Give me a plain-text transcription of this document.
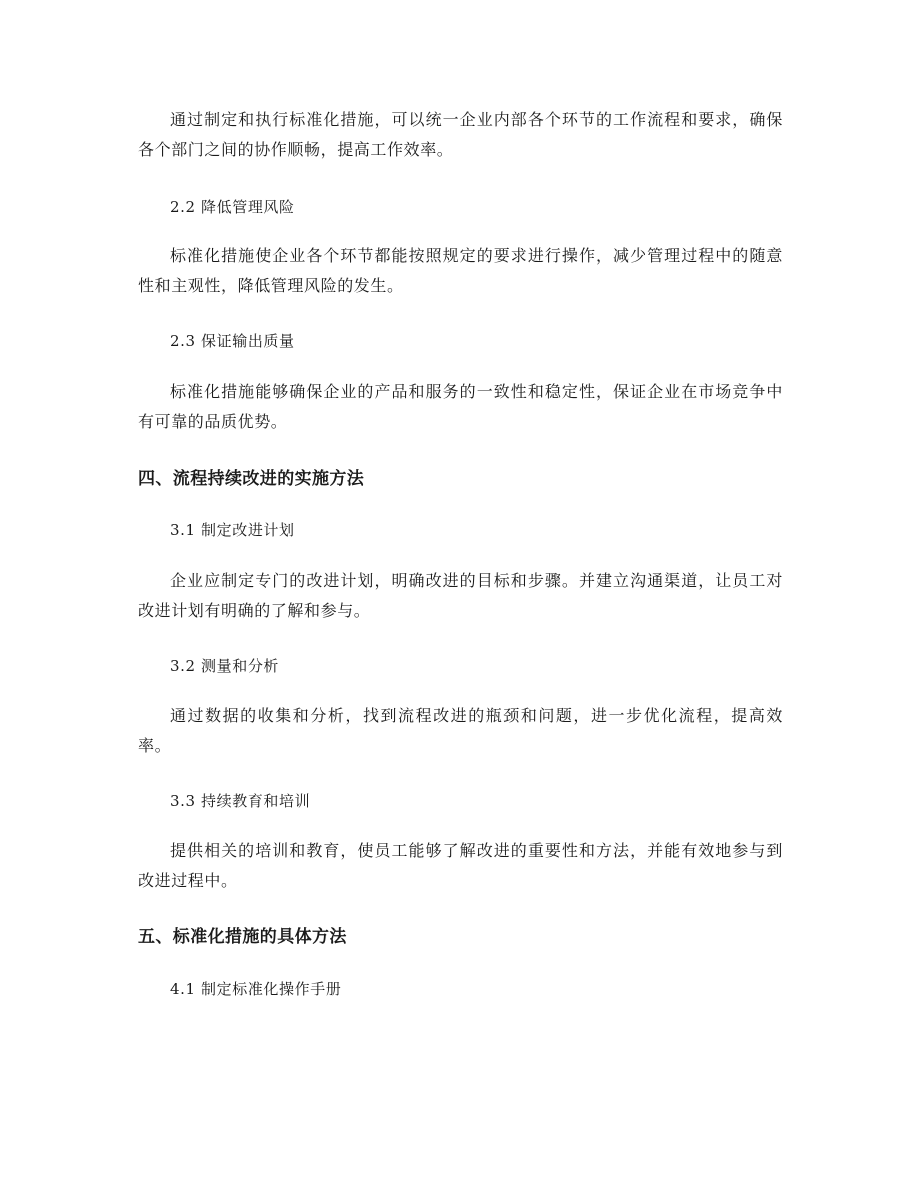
通过制定和执行标准化措施，可以统一企业内部各个环节的工作流程和要求，确保各个部门之间的协作顺畅，提高工作效率。

2.2 降低管理风险

标准化措施使企业各个环节都能按照规定的要求进行操作，减少管理过程中的随意性和主观性，降低管理风险的发生。

2.3 保证输出质量

标准化措施能够确保企业的产品和服务的一致性和稳定性，保证企业在市场竞争中有可靠的品质优势。

四、流程持续改进的实施方法

3.1 制定改进计划

企业应制定专门的改进计划，明确改进的目标和步骤。并建立沟通渠道，让员工对改进计划有明确的了解和参与。

3.2 测量和分析

通过数据的收集和分析，找到流程改进的瓶颈和问题，进一步优化流程，提高效率。

3.3 持续教育和培训

提供相关的培训和教育，使员工能够了解改进的重要性和方法，并能有效地参与到改进过程中。

五、标准化措施的具体方法

4.1 制定标准化操作手册
